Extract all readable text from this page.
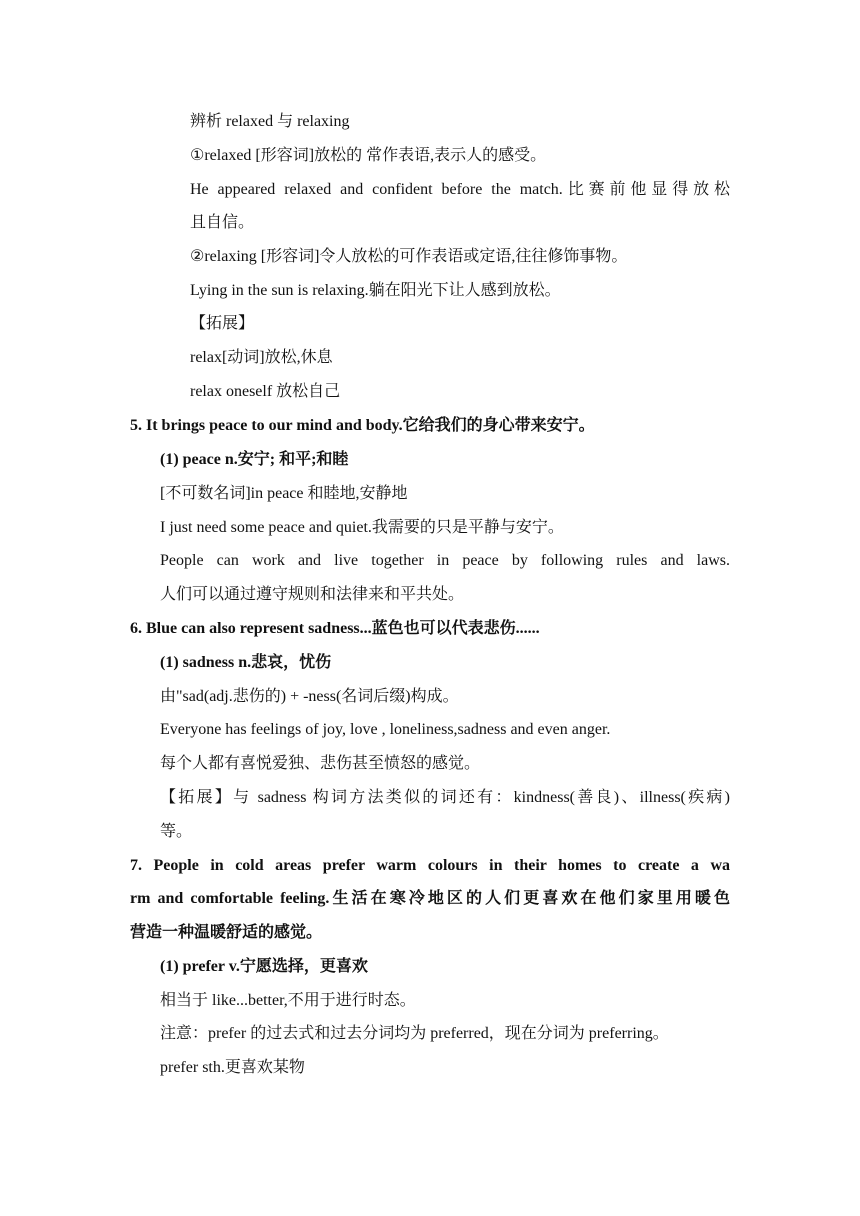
辨析 relaxed 与 relaxing
①relaxed [形容词]放松的 常作表语,表示人的感受。
He appeared relaxed and confident before the match.比赛前他显得放松
且自信。
②relaxing [形容词]令人放松的可作表语或定语,往往修饰事物。
Lying in the sun is relaxing.躺在阳光下让人感到放松。
【拓展】
relax[动词]放松,休息
relax oneself 放松自己
5. It brings peace to our mind and body.它给我们的身心带来安宁。
(1) peace n.安宁; 和平;和睦
[不可数名词]in peace 和睦地,安静地
I just need some peace and quiet.我需要的只是平静与安宁。
People can work and live together in peace by following rules and laws.
人们可以通过遵守规则和法律来和平共处。
6. Blue can also represent sadness...蓝色也可以代表悲伤......
(1) sadness n.悲哀，忧伤
由"sad(adj.悲伤的) + -ness(名词后缀)构成。
Everyone has feelings of joy, love , loneliness,sadness and even anger.
每个人都有喜悦爱独、悲伤甚至愤怒的感觉。
【拓展】与 sadness 构词方法类似的词还有：kindness(善良)、illness(疾病)
等。
7. People in cold areas prefer warm colours in their homes to create a wa
rm and comfortable feeling.生活在寒冷地区的人们更喜欢在他们家里用暖色
营造一种温暖舒适的感觉。
(1) prefer v.宁愿选择，更喜欢
相当于 like...better,不用于进行时态。
注意：prefer 的过去式和过去分词均为 preferred，现在分词为 preferring。
prefer sth.更喜欢某物
